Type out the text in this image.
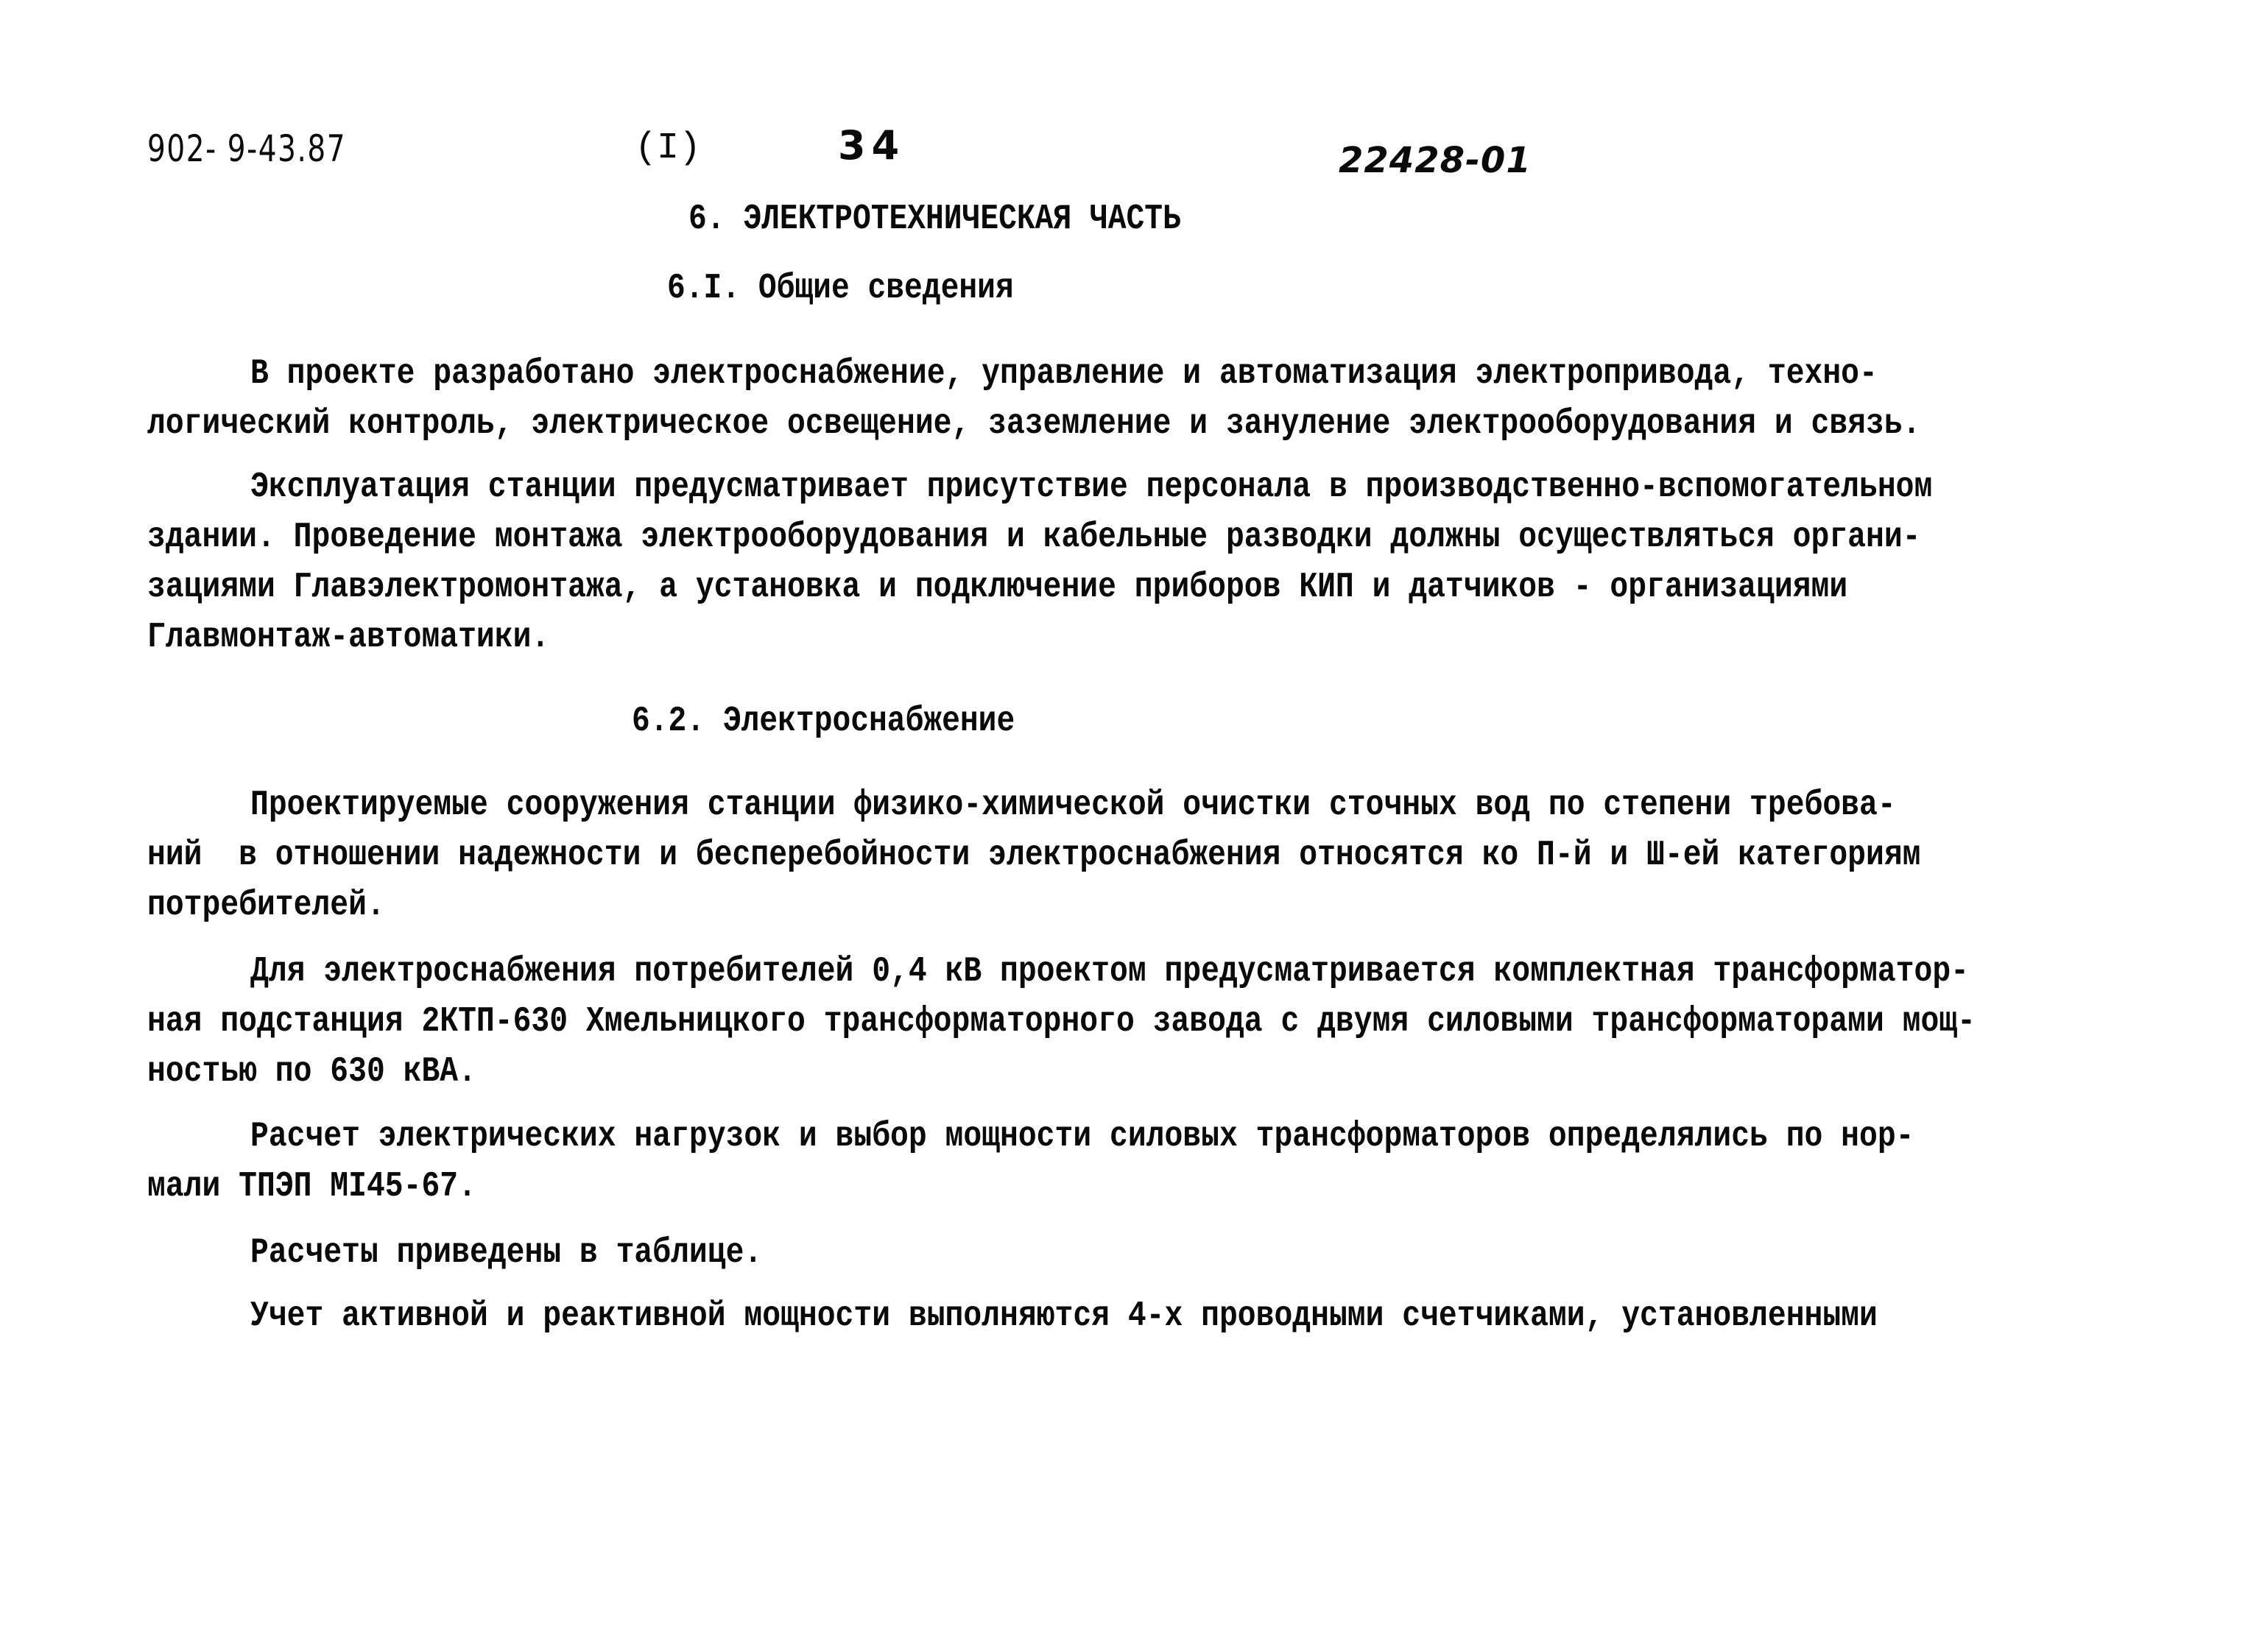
902- 9-43.87	(I)	34	22428-01
6. ЭЛЕКТРОТЕХНИЧЕСКАЯ ЧАСТЬ
6.I. Общие сведения
В проекте разработано электроснабжение, управление и автоматизация электропривода, техно-
логический контроль, электрическое освещение, заземление и зануление электрооборудования и связь.
Эксплуатация станции предусматривает присутствие персонала в производственно-вспомогательном
здании. Проведение монтажа электрооборудования и кабельные разводки должны осуществляться органи-
зациями Главэлектромонтажа, а установка и подключение приборов КИП и датчиков - организациями
Главмонтаж-автоматики.
6.2. Электроснабжение
Проектируемые сооружения станции физико-химической очистки сточных вод по степени требова-
ний  в отношении надежности и бесперебойности электроснабжения относятся ко П-й и Ш-ей категориям
потребителей.
Для электроснабжения потребителей 0,4 кВ проектом предусматривается комплектная трансформатор-
ная подстанция 2КТП-630 Хмельницкого трансформаторного завода с двумя силовыми трансформаторами мощ-
ностью по 630 кВА.
Расчет электрических нагрузок и выбор мощности силовых трансформаторов определялись по нор-
мали ТПЭП МI45-67.
Расчеты приведены в таблице.
Учет активной и реактивной мощности выполняются 4-х проводными счетчиками, установленными
